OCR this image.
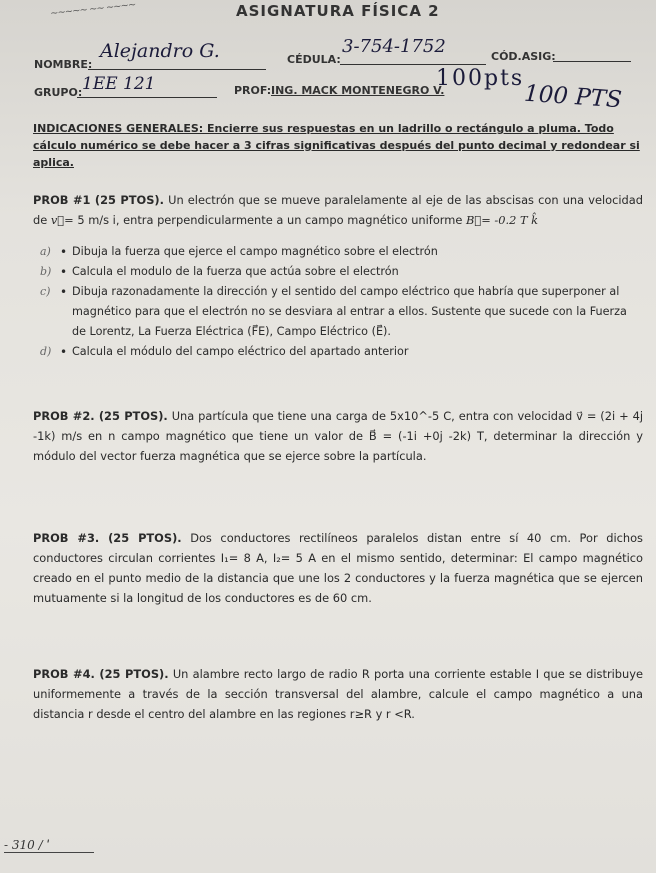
~~~~~ ~~ ~~~~	ASIGNATURA FÍSICA 2
NOMBRE:
Alejandro G.	CÉDULA:
3-754-1752	CÓD.ASIG:
GRUPO: 1EE 121	PROF: ING. MACK MONTENEGRO V.
100pts
100 PTS
INDICACIONES GENERALES: Encierre sus respuestas en un ladrillo o rectángulo a pluma. Todo cálculo numérico se debe hacer a 3 cifras significativas después del punto decimal y redondear si aplica.
PROB #1 (25 PTOS). Un electrón que se mueve paralelamente al eje de las abscisas con una velocidad de v⃗= 5 m/s i, entra perpendicularmente a un campo magnético uniforme B⃗= -0.2 T k̂
a) • Dibuja la fuerza que ejerce el campo magnético sobre el electrón
b) • Calcula el modulo de la fuerza que actúa sobre el electrón
c) • Dibuja razonadamente la dirección y el sentido del campo eléctrico que habría que superponer al magnético para que el electrón no se desviara al entrar a ellos. Sustente que sucede con la Fuerza de Lorentz, La Fuerza Eléctrica (F⃗E), Campo Eléctrico (E⃗).
d) • Calcula el módulo del campo eléctrico del apartado anterior
PROB #2. (25 PTOS). Una partícula que tiene una carga de 5x10^-5 C, entra con velocidad v⃗ = (2i + 4j -1k) m/s en n campo magnético que tiene un valor de B⃗ = (-1i +0j -2k) T, determinar la dirección y módulo del vector fuerza magnética que se ejerce sobre la partícula.
PROB #3. (25 PTOS). Dos conductores rectilíneos paralelos distan entre sí 40 cm. Por dichos conductores circulan corrientes I₁= 8 A, I₂= 5 A en el mismo sentido, determinar: El campo magnético creado en el punto medio de la distancia que une los 2 conductores y la fuerza magnética que se ejercen mutuamente si la longitud de los conductores es de 60 cm.
PROB #4. (25 PTOS). Un alambre recto largo de radio R porta una corriente estable I que se distribuye uniformemente a través de la sección transversal del alambre, calcule el campo magnético a una distancia r desde el centro del alambre en las regiones r≥R y r <R.
- 310 / ˈ
